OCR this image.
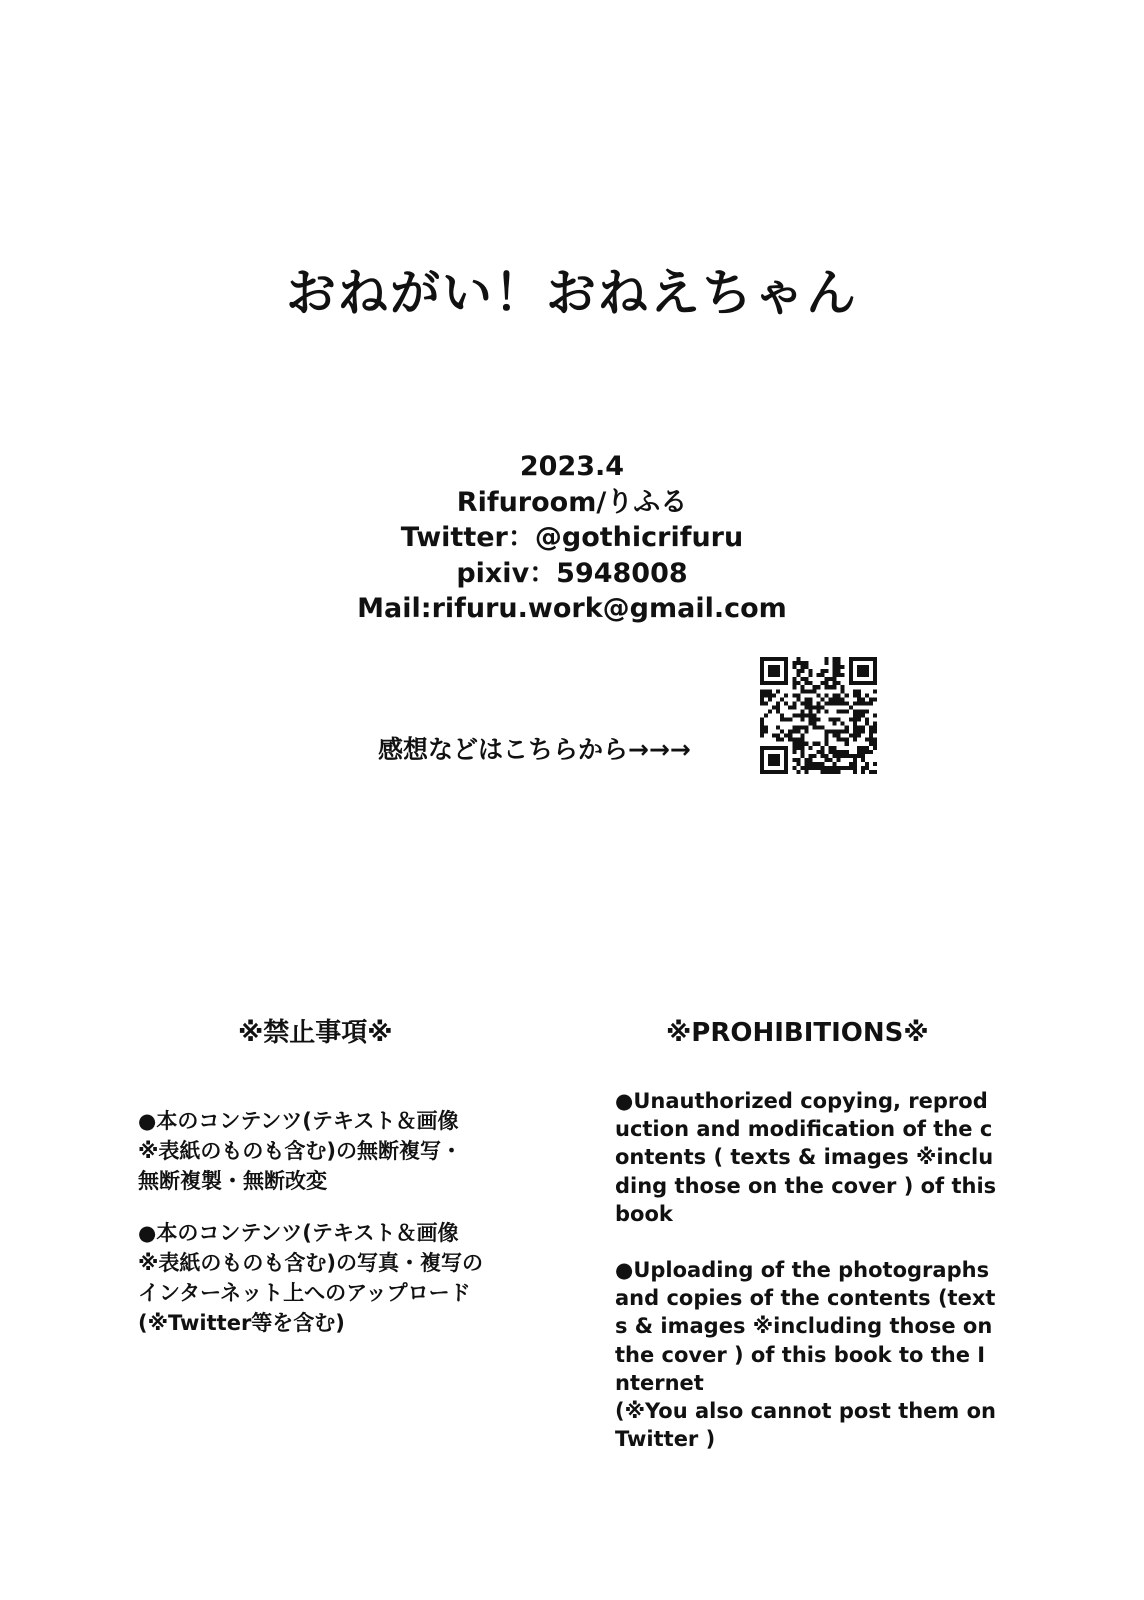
おねがい！おねえちゃん
2023.4
Rifuroom/りふる
Twitter：@gothicrifuru
pixiv：5948008
Mail:rifuru.work@gmail.com
感想などはこちらから→→→
※禁止事項※	※PROHIBITIONS※
●本のコンテンツ(テキスト＆画像
※表紙のものも含む)の無断複写・
無断複製・無断改変
●本のコンテンツ(テキスト＆画像
※表紙のものも含む)の写真・複写の
インターネット上へのアップロード
(※Twitter等を含む)
●Unauthorized copying, reprod
uction and modification of the c
ontents ( texts & images ※inclu
ding those on the cover ) of this
book
●Uploading of the photographs
and copies of the contents (text
s & images ※including those on
the cover ) of this book to the I
nternet
(※You also cannot post them on
Twitter )
